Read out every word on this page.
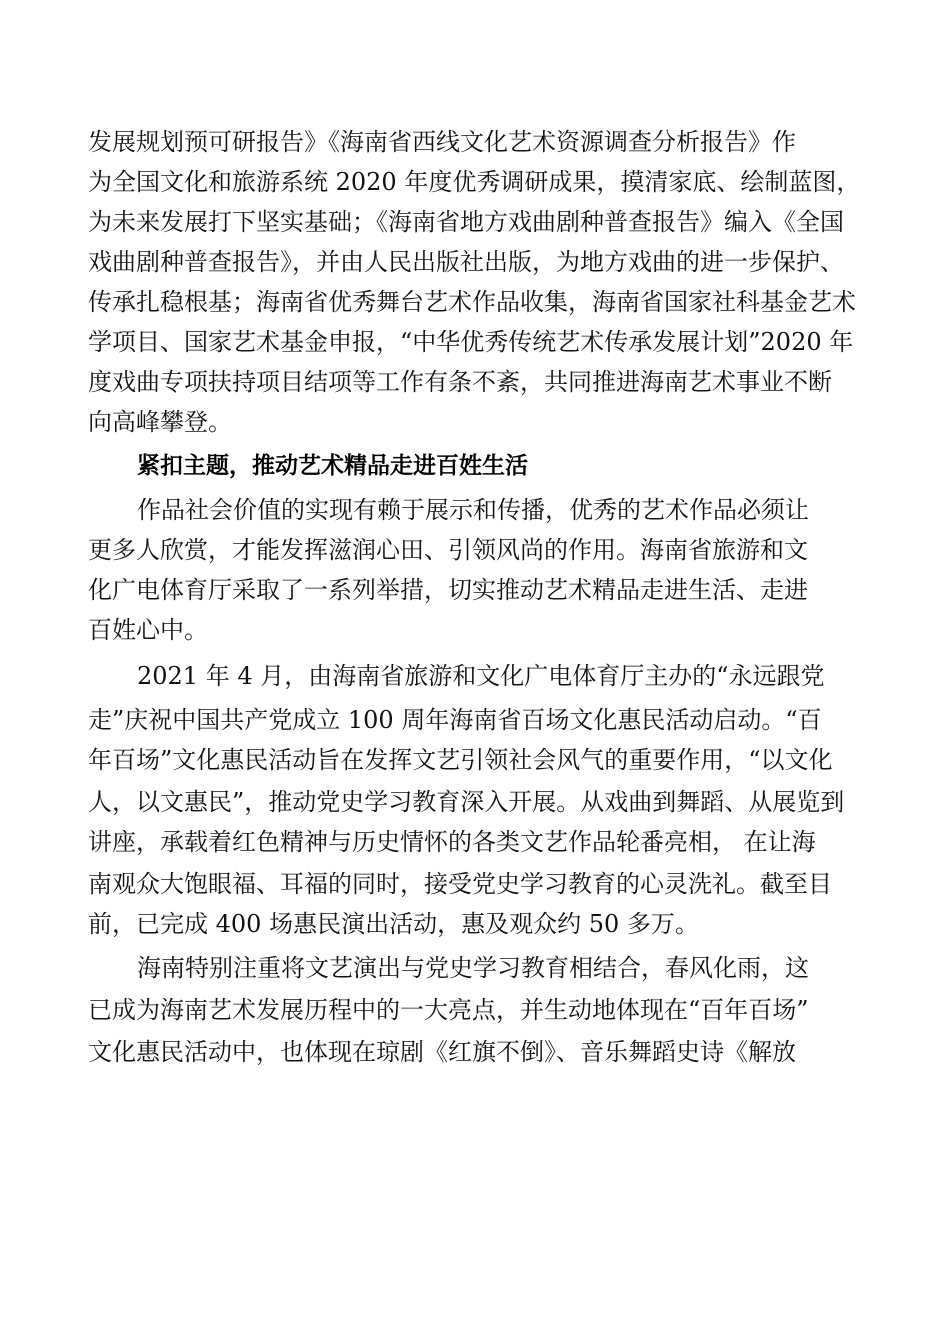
发展规划预可研报告》《海南省西线文化艺术资源调查分析报告》作
为全国文化和旅游系统 2020 年度优秀调研成果，摸清家底、绘制蓝图，
为未来发展打下坚实基础；《海南省地方戏曲剧种普查报告》编入《全国
戏曲剧种普查报告》，并由人民出版社出版，为地方戏曲的进一步保护、
传承扎稳根基；海南省优秀舞台艺术作品收集，海南省国家社科基金艺术
学项目、国家艺术基金申报，“中华优秀传统艺术传承发展计划”2020 年
度戏曲专项扶持项目结项等工作有条不紊，共同推进海南艺术事业不断
向高峰攀登。
紧扣主题，推动艺术精品走进百姓生活
作品社会价值的实现有赖于展示和传播，优秀的艺术作品必须让
更多人欣赏，才能发挥滋润心田、引领风尚的作用。海南省旅游和文
化广电体育厅采取了一系列举措，切实推动艺术精品走进生活、走进
百姓心中。
2021 年 4 月，由海南省旅游和文化广电体育厅主办的“永远跟党
走”庆祝中国共产党成立 100 周年海南省百场文化惠民活动启动。“百
年百场”文化惠民活动旨在发挥文艺引领社会风气的重要作用，“以文化
人，以文惠民”，推动党史学习教育深入开展。从戏曲到舞蹈、从展览到
讲座，承载着红色精神与历史情怀的各类文艺作品轮番亮相， 在让海
南观众大饱眼福、耳福的同时，接受党史学习教育的心灵洗礼。截至目
前，已完成 400 场惠民演出活动，惠及观众约 50 多万。
海南特别注重将文艺演出与党史学习教育相结合，春风化雨，这
已成为海南艺术发展历程中的一大亮点，并生动地体现在“百年百场”
文化惠民活动中，也体现在琼剧《红旗不倒》、音乐舞蹈史诗《解放
